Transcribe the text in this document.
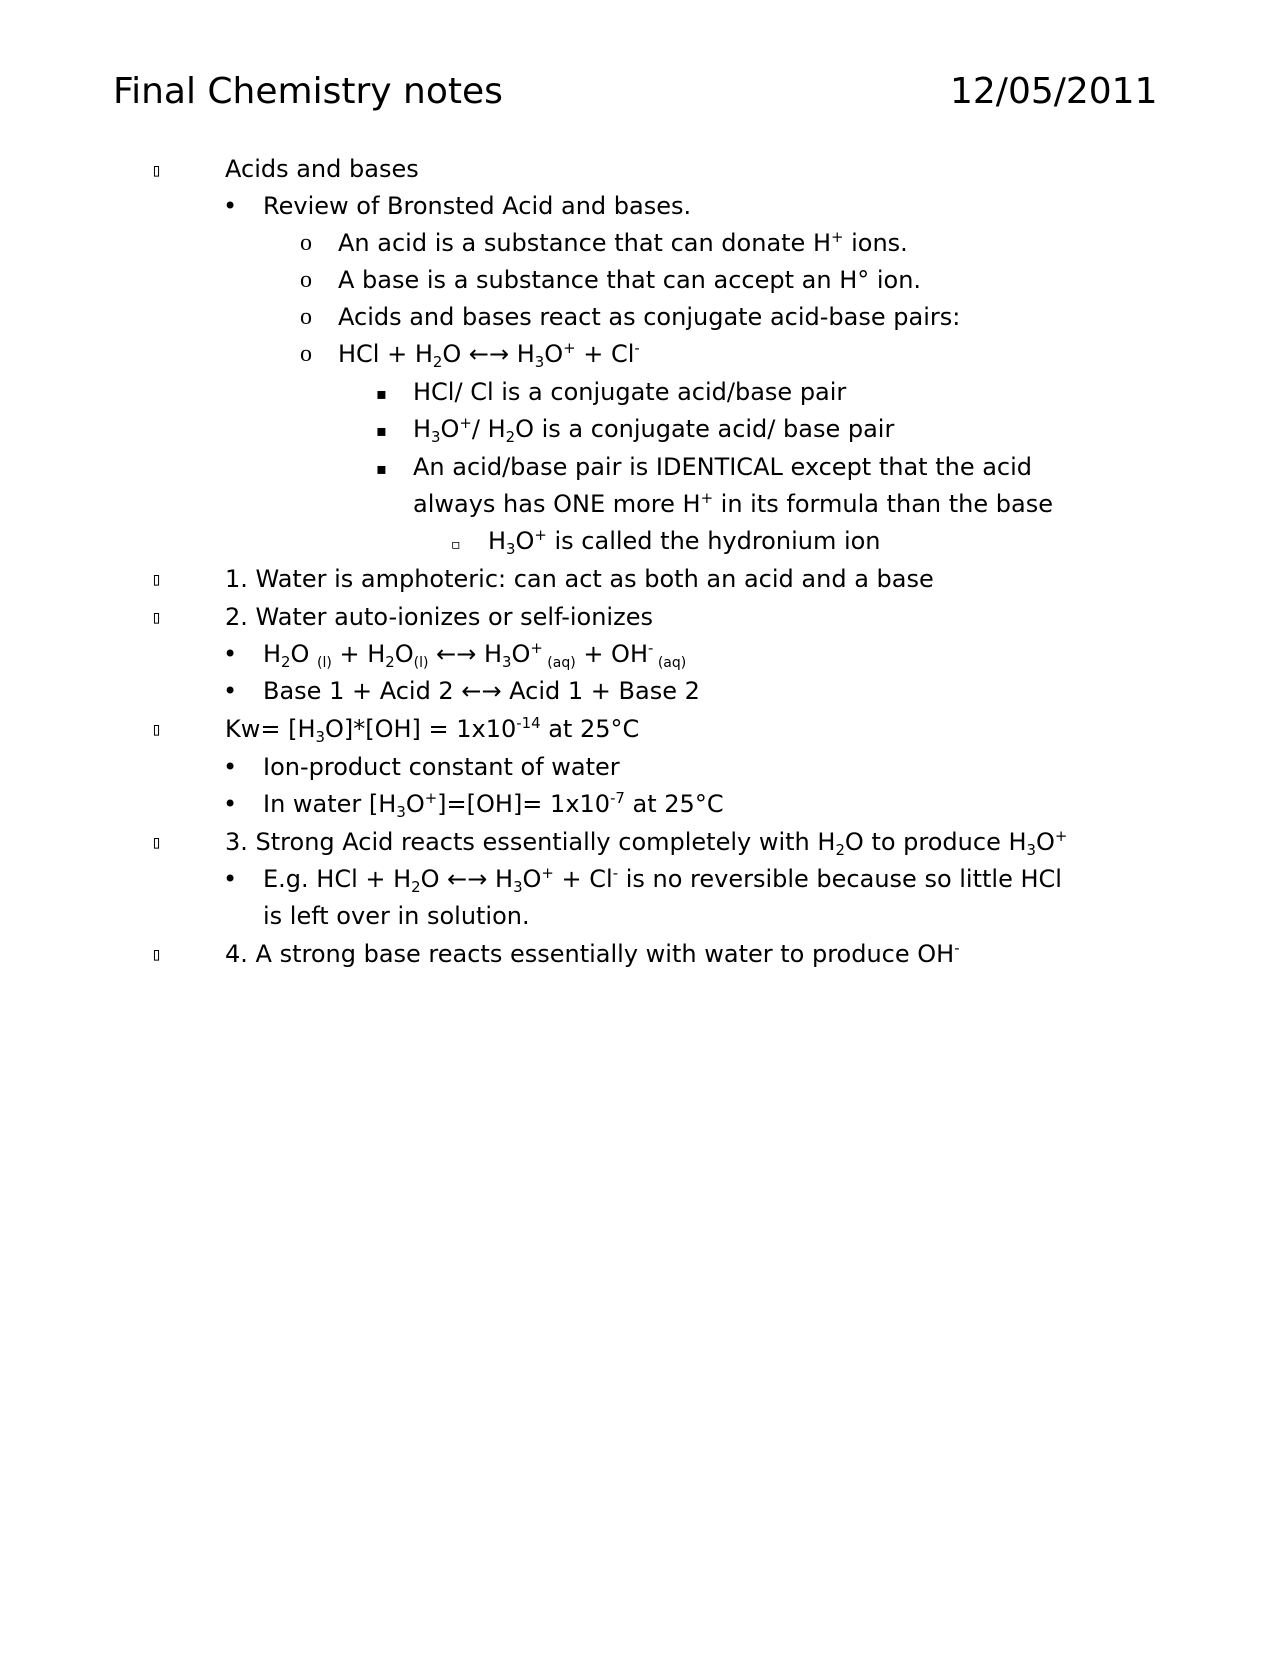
Final Chemistry notes	12/05/2011
▯	Acids and bases
• Review of Bronsted Acid and bases.
o An acid is a substance that can donate H+ ions.
o A base is a substance that can accept an H° ion.
o Acids and bases react as conjugate acid-base pairs:
o HCl + $H_2O$ ←→ $H_3O^+ + Cl^-$
▪ HCl/ Cl is a conjugate acid/base pair
▪ $H_3O^+/$ $H_2O$ is a conjugate acid/ base pair
▪ An acid/base pair is IDENTICAL except that the acid
always has ONE more H+ in its formula than the base
▫ $H_3O^+$ is called the hydronium ion
▯	1. Water is amphoteric: can act as both an acid and a base
▯	2. Water auto-ionizes or self-ionizes
• $H_2O$ $_{(l)} + H_2O_{(l)}$ ←→ $H_3O^+$ $_{(aq)}$ + OH- $_{(aq)}$
• Base 1 + Acid 2 ←→ Acid 1 + Base 2
▯	$Kw= [H_3O]*[OH] = 1x10^{-14}$ at 25°C
• Ion-product constant of water
• In water $[H_3O^+]=[OH]= 1x10^{-7}$ at 25°C
▯	3. Strong Acid reacts essentially completely with $H_2O$ to produce $H_3O^+$
• E.g. HCl + $H_2O$ ←→ $H_3O^+ + Cl^-$ is no reversible because so little HCl
is left over in solution.
▯	4. A strong base reacts essentially with water to produce OH-
